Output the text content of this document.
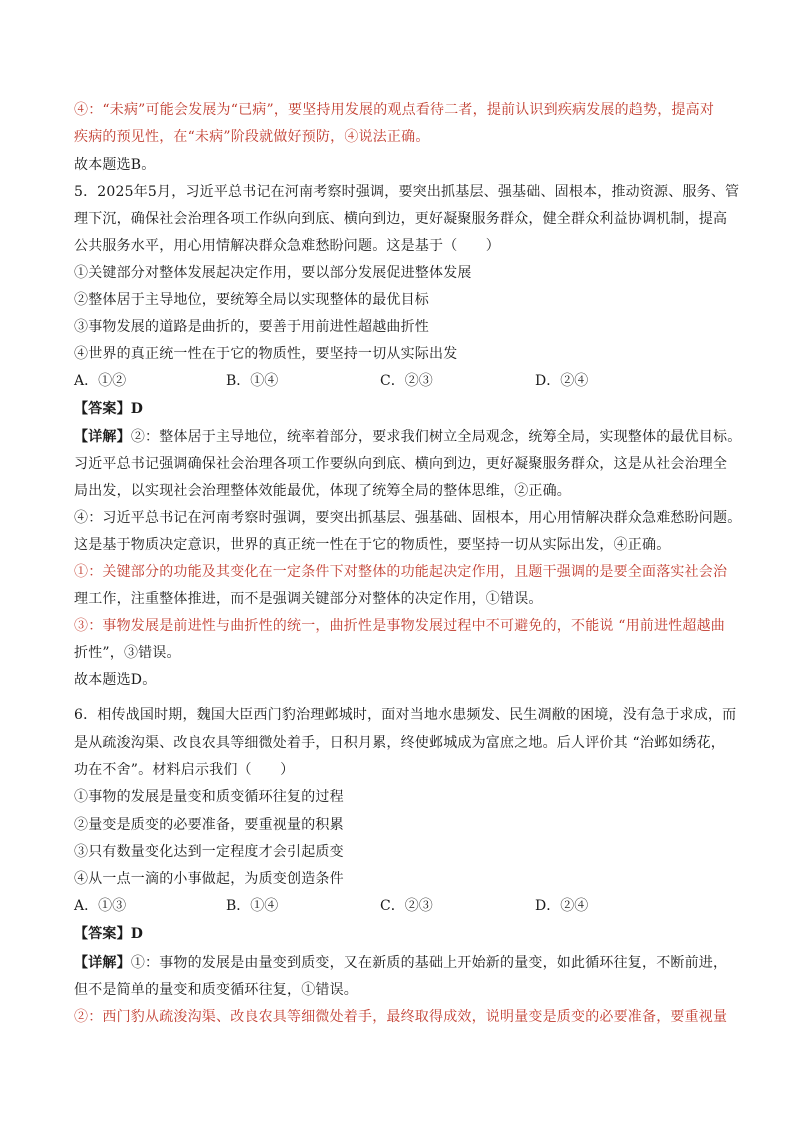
④：“未病”可能会发展为“已病”，要坚持用发展的观点看待二者，提前认识到疾病发展的趋势，提高对
疾病的预见性，在“未病”阶段就做好预防，④说法正确。
故本题选B。
5．2025年5月，习近平总书记在河南考察时强调，要突出抓基层、强基础、固根本，推动资源、服务、管
理下沉，确保社会治理各项工作纵向到底、横向到边，更好凝聚服务群众，健全群众利益协调机制，提高
公共服务水平，用心用情解决群众急难愁盼问题。这是基于（　　）
①关键部分对整体发展起决定作用，要以部分发展促进整体发展
②整体居于主导地位，要统筹全局以实现整体的最优目标
③事物发展的道路是曲折的，要善于用前进性超越曲折性
④世界的真正统一性在于它的物质性，要坚持一切从实际出发
A．①②	B．①④	C．②③	D．②④
【答案】D
【详解】②：整体居于主导地位，统率着部分，要求我们树立全局观念，统筹全局，实现整体的最优目标。
习近平总书记强调确保社会治理各项工作要纵向到底、横向到边，更好凝聚服务群众，这是从社会治理全
局出发，以实现社会治理整体效能最优，体现了统筹全局的整体思维，②正确。
④：习近平总书记在河南考察时强调，要突出抓基层、强基础、固根本，用心用情解决群众急难愁盼问题。
这是基于物质决定意识，世界的真正统一性在于它的物质性，要坚持一切从实际出发，④正确。
①：关键部分的功能及其变化在一定条件下对整体的功能起决定作用，且题干强调的是要全面落实社会治
理工作，注重整体推进，而不是强调关键部分对整体的决定作用，①错误。
③：事物发展是前进性与曲折性的统一，曲折性是事物发展过程中不可避免的，不能说 “用前进性超越曲
折性”，③错误。
故本题选D。
6．相传战国时期，魏国大臣西门豹治理邺城时，面对当地水患频发、民生凋敝的困境，没有急于求成，而
是从疏浚沟渠、改良农具等细微处着手，日积月累，终使邺城成为富庶之地。后人评价其 “治邺如绣花，
功在不舍”。材料启示我们（　　）
①事物的发展是量变和质变循环往复的过程
②量变是质变的必要准备，要重视量的积累
③只有数量变化达到一定程度才会引起质变
④从一点一滴的小事做起，为质变创造条件
A．①③	B．①④	C．②③	D．②④
【答案】D
【详解】①：事物的发展是由量变到质变，又在新质的基础上开始新的量变，如此循环往复，不断前进，
但不是简单的量变和质变循环往复，①错误。
②：西门豹从疏浚沟渠、改良农具等细微处着手，最终取得成效，说明量变是质变的必要准备，要重视量
